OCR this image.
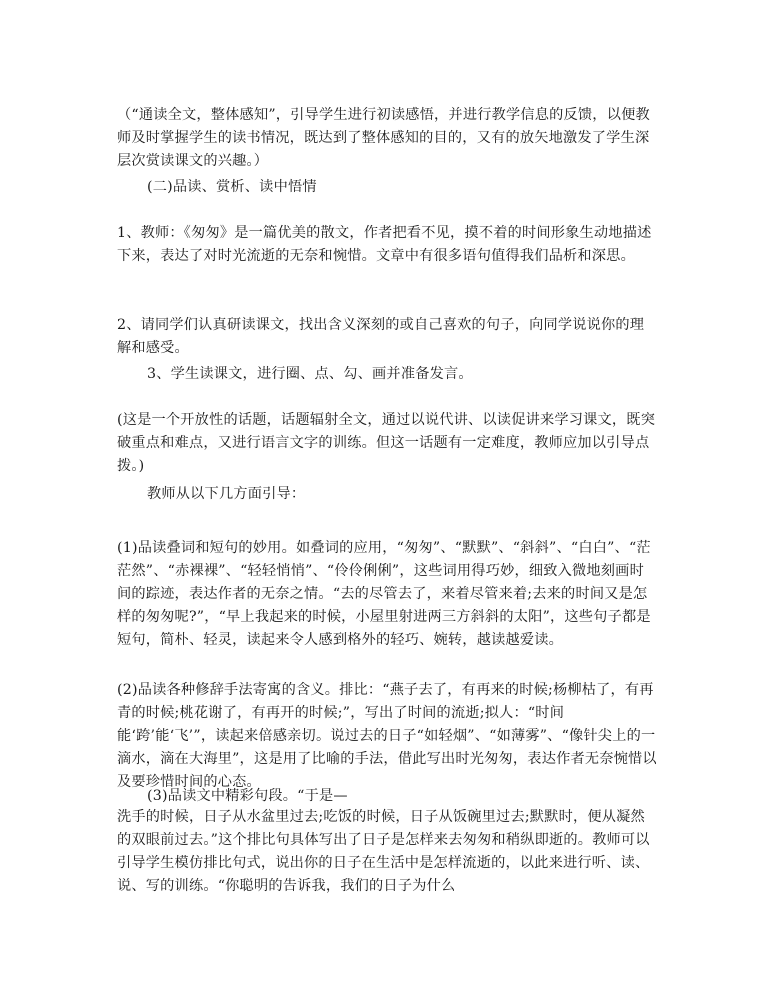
（“通读全文，整体感知”，引导学生进行初读感悟，并进行教学信息的反馈，以便教师及时掌握学生的读书情况，既达到了整体感知的目的，又有的放矢地激发了学生深层次赏读课文的兴趣。）

(二)品读、赏析、读中悟情

1、教师：《匆匆》是一篇优美的散文，作者把看不见，摸不着的时间形象生动地描述下来，表达了对时光流逝的无奈和惋惜。文章中有很多语句值得我们品析和深思。

2、请同学们认真研读课文，找出含义深刻的或自己喜欢的句子，向同学说说你的理解和感受。

3、学生读课文，进行圈、点、勾、画并准备发言。

(这是一个开放性的话题，话题辐射全文，通过以说代讲、以读促讲来学习课文，既突破重点和难点，又进行语言文字的训练。但这一话题有一定难度，教师应加以引导点拨。)

教师从以下几方面引导：

(1)品读叠词和短句的妙用。如叠词的应用，“匆匆”、“默默”、“斜斜”、“白白”、“茫茫然”、“赤裸裸”、“轻轻悄悄”、“伶伶俐俐”，这些词用得巧妙，细致入微地刻画时间的踪迹，表达作者的无奈之情。“去的尽管去了，来着尽管来着;去来的时间又是怎样的匆匆呢?”，“早上我起来的时候，小屋里射进两三方斜斜的太阳”，这些句子都是短句，简朴、轻灵，读起来令人感到格外的轻巧、婉转，越读越爱读。

(2)品读各种修辞手法寄寓的含义。排比：“燕子去了，有再来的时候;杨柳枯了，有再青的时候;桃花谢了，有再开的时候;”，写出了时间的流逝;拟人：“时间能‘跨’能‘飞’”，读起来倍感亲切。说过去的日子“如轻烟”、“如薄雾”、“像针尖上的一滴水，滴在大海里”，这是用了比喻的手法，借此写出时光匆匆，表达作者无奈惋惜以及要珍惜时间的心态。

(3)品读文中精彩句段。“于是—

洗手的时候，日子从水盆里过去;吃饭的时候，日子从饭碗里过去;默默时，便从凝然的双眼前过去。”这个排比句具体写出了日子是怎样来去匆匆和稍纵即逝的。教师可以引导学生模仿排比句式，说出你的日子在生活中是怎样流逝的，以此来进行听、读、说、写的训练。“你聪明的告诉我，我们的日子为什么
